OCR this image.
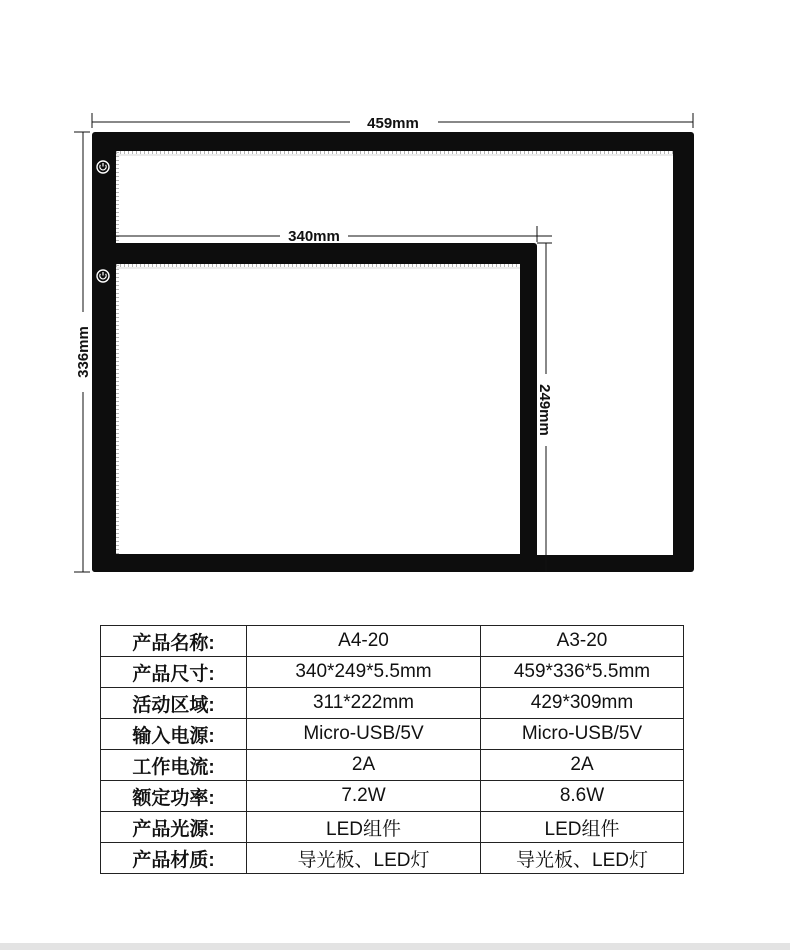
459mm
336mm
340mm
249mm
产品名称:	A4-20	A3-20
产品尺寸:	340*249*5.5mm	459*336*5.5mm
活动区域:	311*222mm	429*309mm
输入电源:	Micro-USB/5V	Micro-USB/5V
工作电流:	2A	2A
额定功率:	7.2W	8.6W
产品光源:	LED组件	LED组件
产品材质:	导光板、LED灯	导光板、LED灯
